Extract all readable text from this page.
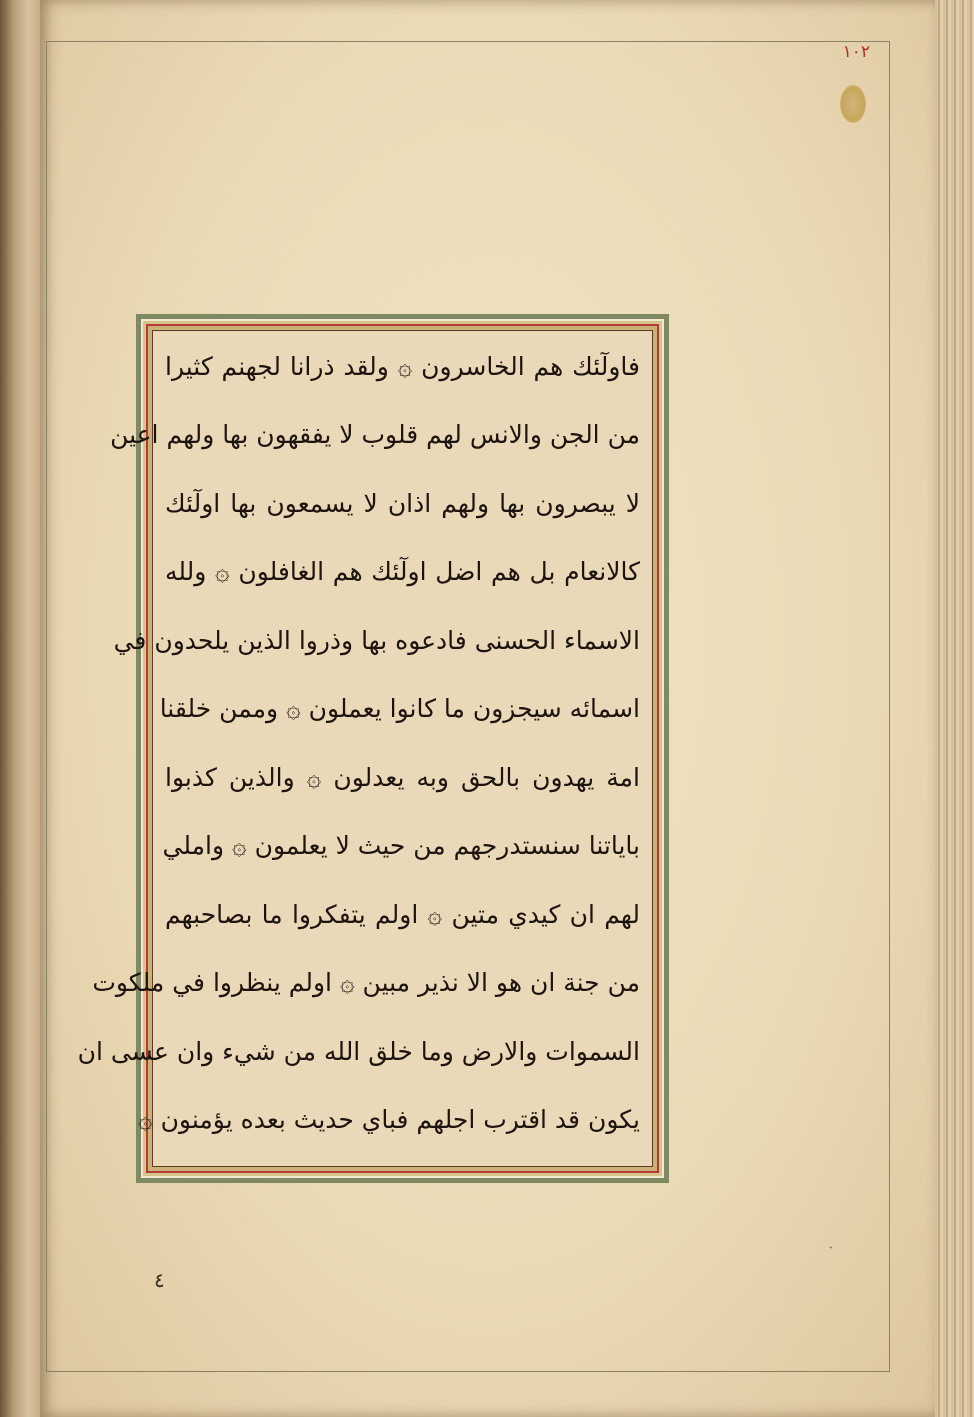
١٠٢
فاولٓئك هم الخاسرون ۞ ولقد ذرانا لجهنم كثيرا
من الجن والانس لهم قلوب لا يفقهون بها ولهم اعين
لا يبصرون بها ولهم اذان لا يسمعون بها اولٓئك
كالانعام بل هم اضل اولٓئك هم الغافلون ۞ ولله
الاسماء الحسنى فادعوه بها وذروا الذين يلحدون في
اسمائه سيجزون ما كانوا يعملون ۞ وممن خلقنا
امة يهدون بالحق وبه يعدلون ۞ والذين كذبوا
باياتنا سنستدرجهم من حيث لا يعلمون ۞ واملي
لهم ان كيدي متين ۞ اولم يتفكروا ما بصاحبهم
من جنة ان هو الا نذير مبين ۞ اولم ينظروا في ملكوت
السموات والارض وما خلق الله من شيء وان عسى ان
يكون قد اقترب اجلهم فباي حديث بعده يؤمنون ۞
ˎ
٤
